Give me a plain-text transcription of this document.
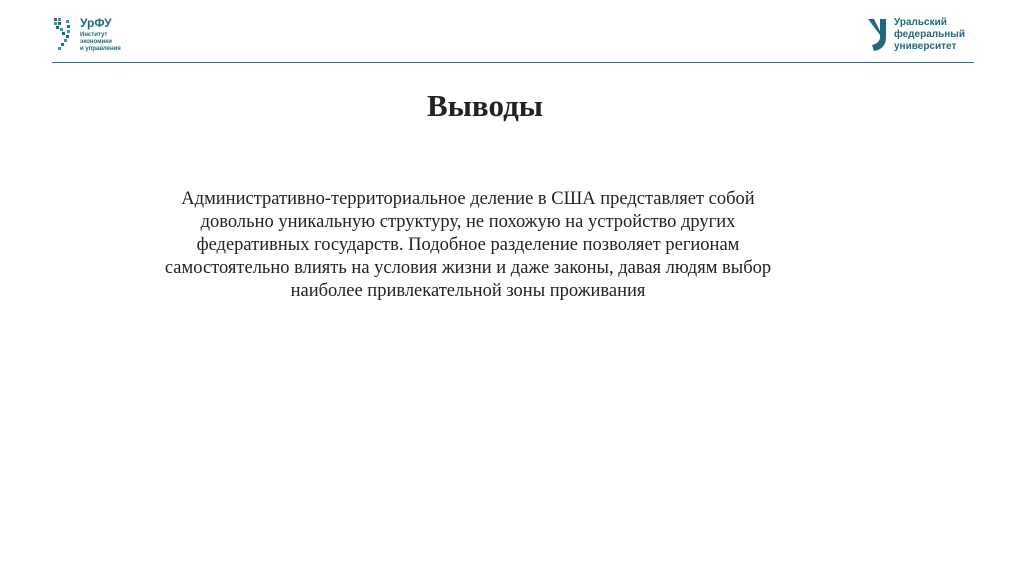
УрФУ
Институт
экономики
и управления
Уральский
федеральный
университет
Выводы
Административно-территориальное деление в США представляет собой
довольно уникальную структуру, не похожую на устройство других
федеративных государств. Подобное разделение позволяет регионам
самостоятельно влиять на условия жизни и даже законы, давая людям выбор
наиболее привлекательной зоны проживания
